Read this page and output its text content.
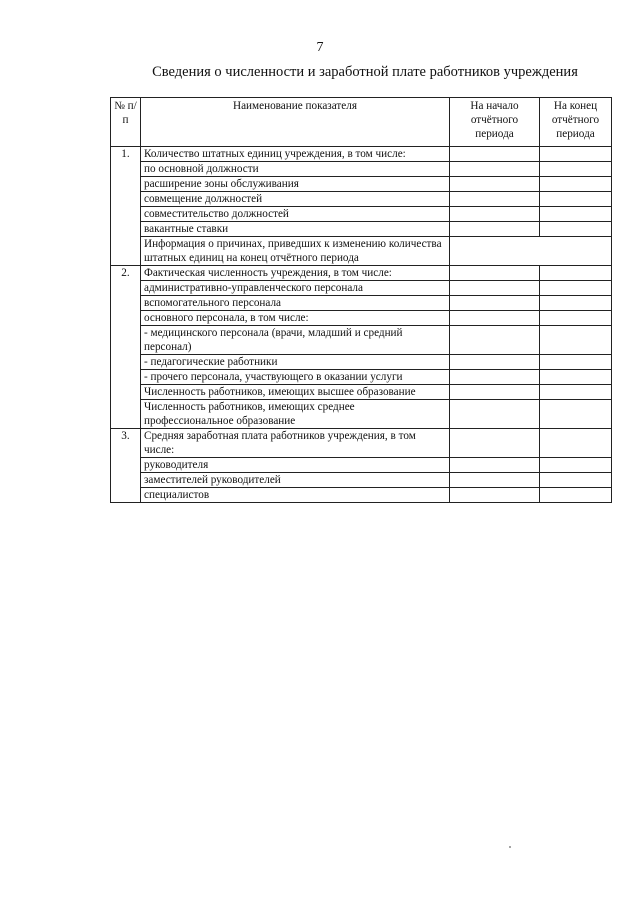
7
Сведения о численности и заработной плате работников учреждения
№ п/п	Наименование показателя	На начало отчётного периода	На конец отчётного периода
1.	Количество штатных единиц учреждения, в том числе:		
	по основной должности		
	расширение зоны обслуживания		
	совмещение должностей		
	совместительство должностей		
	вакантные ставки		
	Информация о причинах, приведших к изменению количества штатных единиц на конец отчётного периода		
2.	Фактическая численность учреждения, в том числе:		
	административно-управленческого персонала		
	вспомогательного персонала		
	основного персонала, в том числе:		
	- медицинского персонала (врачи, младший и средний персонал)		
	- педагогические работники		
	- прочего персонала, участвующего в оказании услуги		
	Численность работников, имеющих высшее образование		
	Численность работников, имеющих среднее профессиональное образование		
3.	Средняя заработная плата работников учреждения, в том числе:		
	руководителя		
	заместителей руководителей		
	специалистов		
